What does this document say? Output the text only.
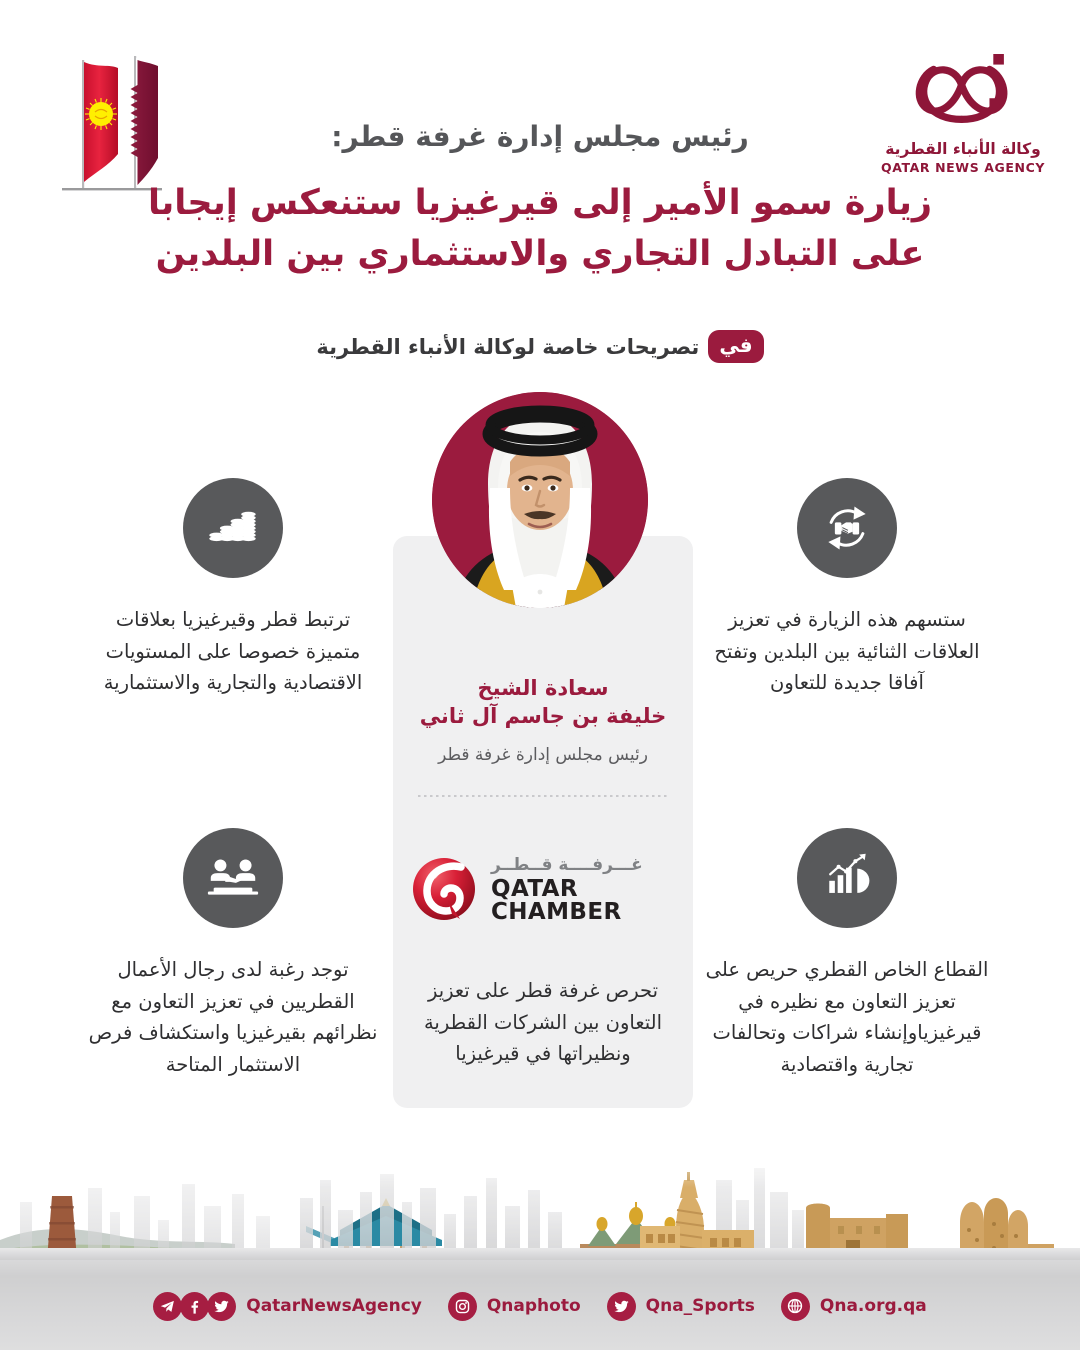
وكالة الأنباء القطرية
QATAR NEWS AGENCY
رئيس مجلس إدارة غرفة قطر:
زيارة سمو الأمير إلى قيرغيزيا ستنعكس إيجابا
على التبادل التجاري والاستثماري بين البلدين
في
تصريحات خاصة لوكالة الأنباء القطرية
سعادة الشيخ
خليفة بن جاسم آل ثاني
رئيس مجلس إدارة غرفة قطر
غـــرفــــة قــطــر
QATAR CHAMBER
تحرص غرفة قطر على تعزيز التعاون بين الشركات القطرية ونظيراتها في قيرغيزيا
ترتبط قطر وقيرغيزيا بعلاقات متميزة خصوصا على المستويات الاقتصادية والتجارية والاستثمارية
ستسهم هذه الزيارة في تعزيز العلاقات الثنائية بين البلدين وتفتح آفاقا جديدة للتعاون
توجد رغبة لدى رجال الأعمال القطريين في تعزيز التعاون مع نظرائهم بقيرغيزيا واستكشاف فرص الاستثمار المتاحة
القطاع الخاص القطري حريص على تعزيز التعاون مع نظيره في قيرغيزياوإنشاء شراكات وتحالفات تجارية واقتصادية
QatarNewsAgency	Qnaphoto	Qna_Sports	Qna.org.qa
